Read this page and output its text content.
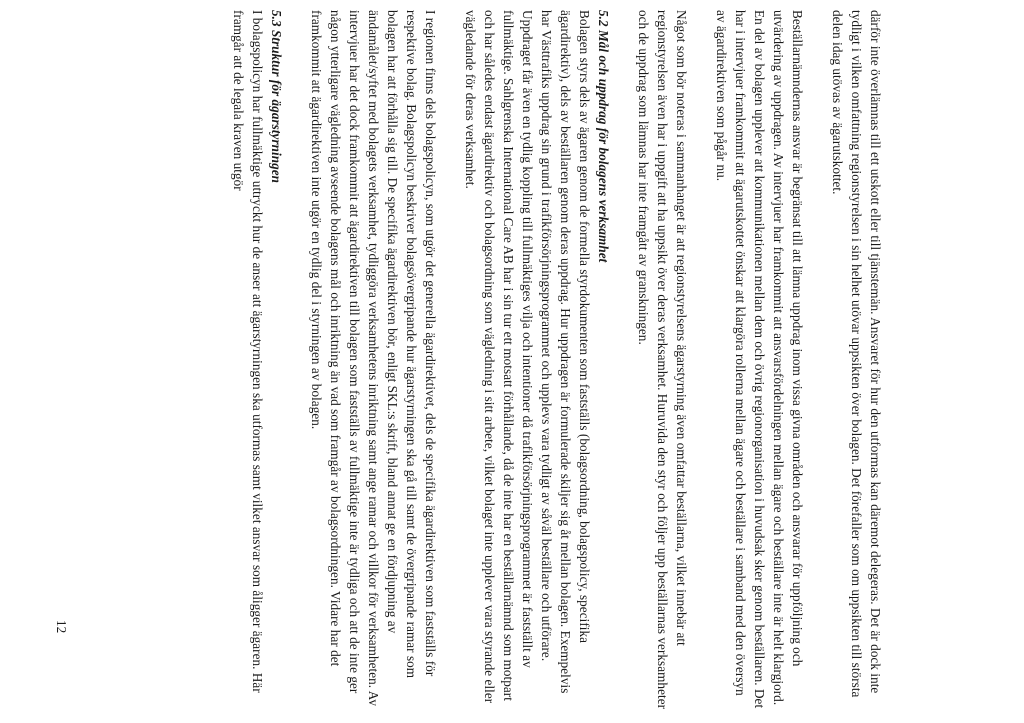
därför inte överlämnas till ett utskott eller till tjänstemän. Ansvaret för hur den utformas kan däremot delegeras. Det är dock inte tydligt i vilken omfattning regionstyrelsen i sin helhet utövar uppsikten över bolagen. Det förefaller som om uppsikten till största delen idag utövas av ägarutskottet.

Beställarnämndernas ansvar är begränsat till att lämna uppdrag inom vissa givna områden och ansvarar för uppföljning och utvärdering av uppdragen. Av intervjuer har framkommit att ansvarsfördelningen mellan ägare och beställare inte är helt klargjord. En del av bolagen upplever att kommunikationen mellan dem och övrig regionorganisation i huvudsak sker genom beställaren. Det har i intervjuer framkommit att ägarutskottet önskar att klargöra rollerna mellan ägare och beställare i samband med den översyn av ägardirektiven som pågår nu.

Något som bör noteras i sammanhanget är att regionstyrelsens ägarstyrning även omfattar beställarna, vilket innebär att regionstyrelsen även har i uppgift att ha uppsikt över deras verksamhet. Huruvida den styr och följer upp beställarnas verksamheter och de uppdrag som lämnas har inte framgått av granskningen.

5.2 Mål och uppdrag för bolagens verksamhet

Bolagen styrs dels av ägaren genom de formella styrdokumenten som fastställs (bolagsordning, bolagspolicy, specifika ägardirektiv), dels av beställaren genom deras uppdrag. Hur uppdragen är formulerade skiljer sig åt mellan bolagen. Exempelvis har Västtrafiks uppdrag sin grund i trafikförsörjningsprogrammet och upplevs vara tydligt av såväl beställare och utförare. Uppdraget får även en tydlig koppling till fullmäktiges vilja och intentioner då trafikförsörjningsprogrammet är fastställt av fullmäktige. Sahlgrenska International Care AB har i sin tur ett motsatt förhållande, då de inte har en beställarnämnd som motpart och har således endast ägardirektiv och bolagsordning som vägledning i sitt arbete, vilket bolaget inte upplever vara styrande eller vägledande för deras verksamhet.

I regionen finns dels bolagspolicyn, som utgör det generella ägardirektivet, dels de specifika ägardirektiven som fastställs för respektive bolag. Bolagspolicyn beskriver bolagsövergripande hur ägarstyrningen ska gå till samt de övergripande ramar som bolagen har att förhålla sig till. De specifika ägardirektiven bör, enligt SKL:s skrift, bland annat ge en fördjupning av ändamålet/syftet med bolagets verksamhet, tydliggöra verksamhetens inriktning samt ange ramar och villkor för verksamheten. Av intervjuer har det dock framkommit att ägardirektiven till bolagen som fastställs av fullmäktige inte är tydliga och att de inte ger någon ytterligare vägledning avseende bolagens mål och inriktning än vad som framgår av bolagsordningen. Vidare har det framkommit att ägardirektiven inte utgör en tydlig del i styrningen av bolagen.

5.3 Struktur för ägarstyrningen

I bolagspolicyn har fullmäktige uttryckt hur de anser att ägarstyrningen ska utformas samt vilket ansvar som åligger ägaren. Här framgår att de legala kraven utgör

12
